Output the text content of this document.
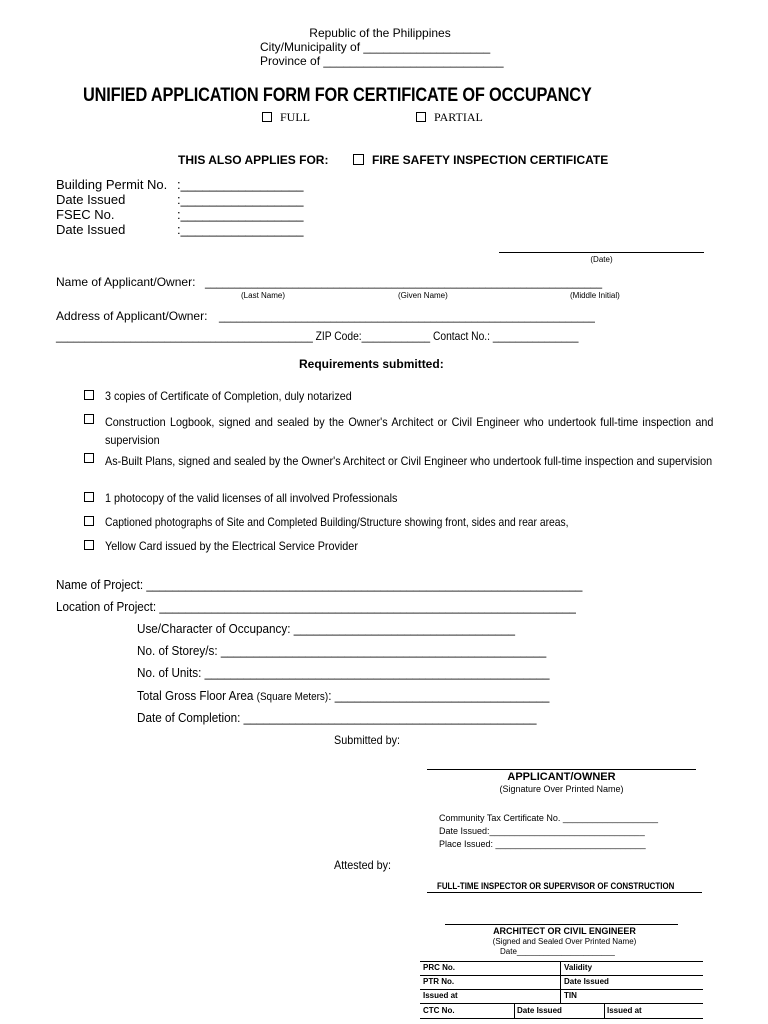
Republic of the Philippines
City/Municipality of ___________________
Province of ___________________________
UNIFIED APPLICATION FORM FOR CERTIFICATE OF OCCUPANCY
FULL	PARTIAL
THIS ALSO APPLIES FOR:	FIRE SAFETY INSPECTION CERTIFICATE
Building Permit No. :_________________
Date Issued	:_________________
FSEC No.	:_________________
Date Issued	:_________________
(Date)
Name of Applicant/Owner: ____________________________________________________________________
(Last Name)	(Given Name)	(Middle Initial)
Address of Applicant/Owner: ________________________________________________________________
_____________________________________________ ZIP Code:____________ Contact No.: _______________
Requirements submitted:
3 copies of Certificate of Completion, duly notarized
Construction Logbook, signed and sealed by the Owner's Architect or Civil Engineer who undertook full-time inspection and supervision
As-Built Plans, signed and sealed by the Owner's Architect or Civil Engineer who undertook full-time inspection and supervision
1 photocopy of the valid licenses of all involved Professionals
Captioned photographs of Site and Completed Building/Structure showing front, sides and rear areas,
Yellow Card issued by the Electrical Service Provider
Name of Project: ___________________________________________________________________
Location of Project: ________________________________________________________________
Use/Character of Occupancy: __________________________________
No. of Storey/s: __________________________________________________
No. of Units: _____________________________________________________
Total Gross Floor Area (Square Meters): _________________________________
Date of Completion: _____________________________________________
Submitted by:
APPLICANT/OWNER
(Signature Over Printed Name)
Community Tax Certificate No. ___________________
Date Issued:_______________________________
Place Issued: ______________________________
Attested by:
FULL-TIME INSPECTOR OR SUPERVISOR OF CONSTRUCTION
ARCHITECT OR CIVIL ENGINEER
(Signed and Sealed Over Printed Name)
Date______________________
PRC No.	Validity
PTR No.	Date Issued
Issued at	TIN
CTC No.	Date Issued	Issued at
